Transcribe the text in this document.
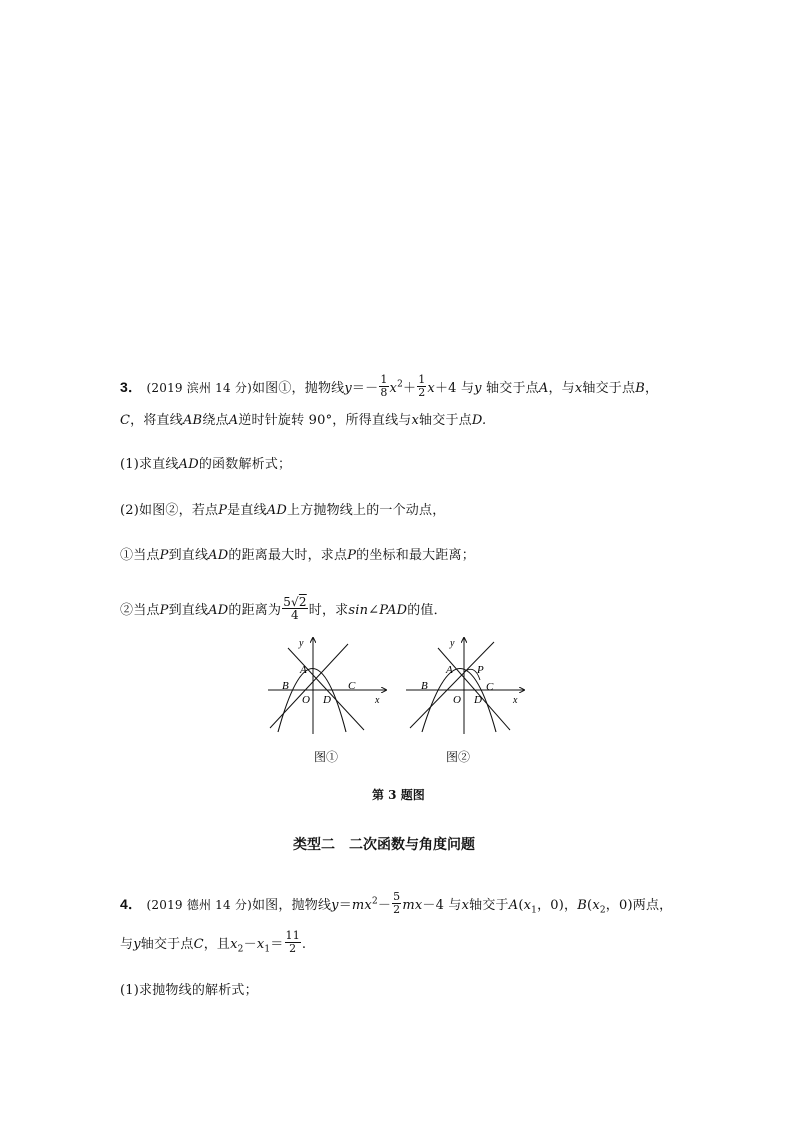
3． (2019 滨州 14 分)如图①，抛物线$y=- \frac{1}{8} x^2+ \frac{1}{2} x+4$ 与y 轴交于点A，与x轴交于点B，
C，将直线AB绕点A逆时针旋转 90°，所得直线与x轴交于点D.
(1)求直线AD的函数解析式；
(2)如图②，若点P是直线AD上方抛物线上的一个动点，
①当点P到直线AD的距离最大时，求点P的坐标和最大距离；
②当点P到直线AD的距离为 $\frac{5√2}{4}$ 时，求sin∠PAD的值．
A
B
O D
C
y
x
图①
A
B
O D
C
P
y
x
图②
第 3 题图
类型二　二次函数与角度问题
4． (2019 德州 14 分)如图，抛物线$y=mx^2- \frac{5}{2} mx-4$ 与x轴交于$A(x_1$，0)，$B(x_2$，0)两点，
与y轴交于点C，且$x_2-x_1= \frac{11}{2}$ .
(1)求抛物线的解析式；
